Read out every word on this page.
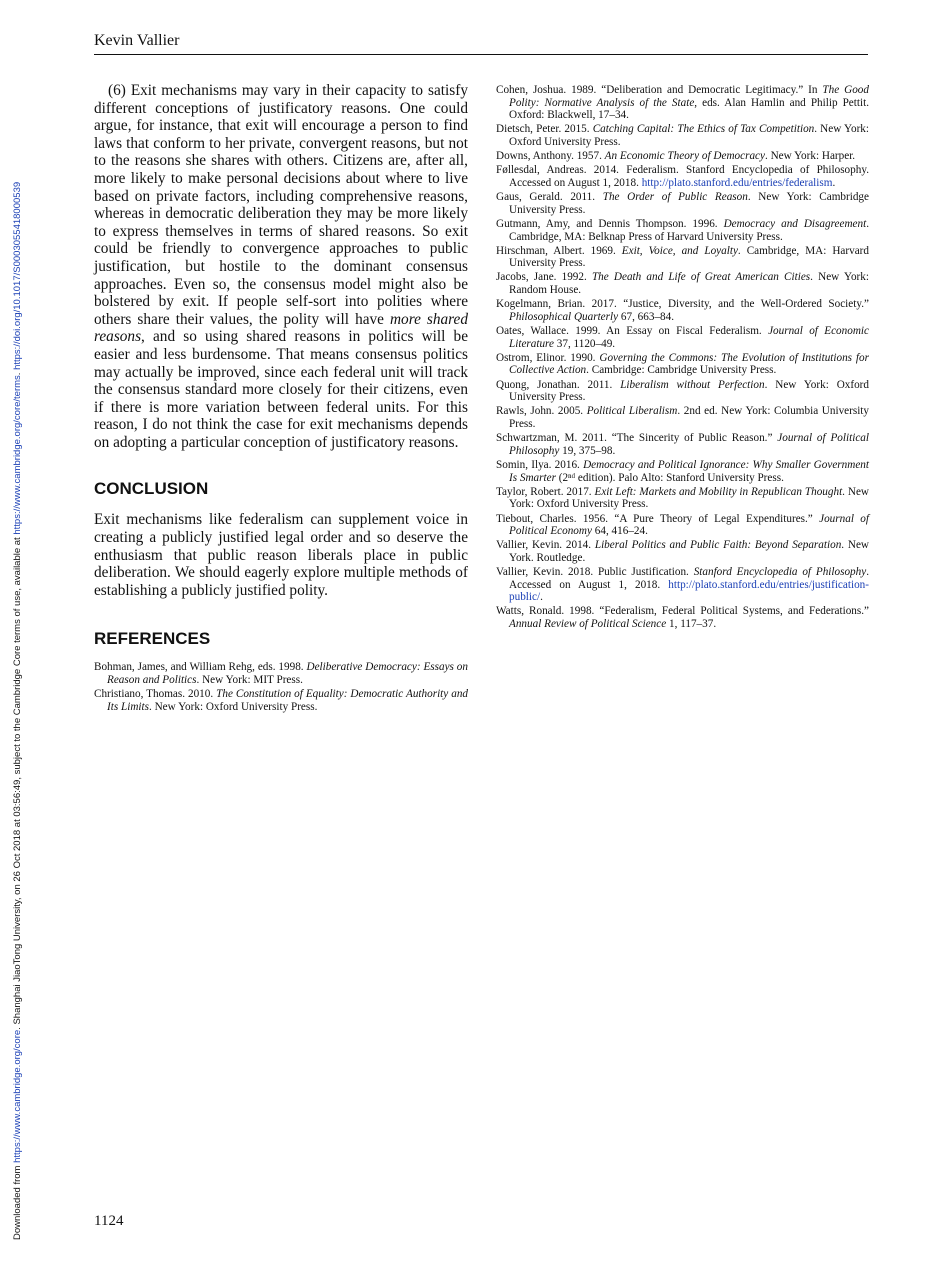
Kevin Vallier
Downloaded from https://www.cambridge.org/core. Shanghai JiaoTong University, on 26 Oct 2018 at 03:56:49, subject to the Cambridge Core terms of use, available at https://www.cambridge.org/core/terms. https://doi.org/10.1017/S0003055418000539

(6) Exit mechanisms may vary in their capacity to satisfy different conceptions of justificatory reasons. One could argue, for instance, that exit will encourage a person to find laws that conform to her private, convergent reasons, but not to the reasons she shares with others. Citizens are, after all, more likely to make personal decisions about where to live based on private factors, including comprehensive reasons, whereas in democratic deliberation they may be more likely to express themselves in terms of shared reasons. So exit could be friendly to convergence approaches to public justification, but hostile to the dominant consensus approaches. Even so, the consensus model might also be bolstered by exit. If people self-sort into polities where others share their values, the polity will have more shared reasons, and so using shared reasons in politics will be easier and less burdensome. That means consensus politics may actually be improved, since each federal unit will track the consensus standard more closely for their citizens, even if there is more variation between federal units. For this reason, I do not think the case for exit mechanisms depends on adopting a particular conception of justificatory reasons.

CONCLUSION

Exit mechanisms like federalism can supplement voice in creating a publicly justified legal order and so deserve the enthusiasm that public reason liberals place in public deliberation. We should eagerly explore multiple methods of establishing a publicly justified polity.

REFERENCES
Bohman, James, and William Rehg, eds. 1998. Deliberative Democracy: Essays on Reason and Politics. New York: MIT Press.
Christiano, Thomas. 2010. The Constitution of Equality: Democratic Authority and Its Limits. New York: Oxford University Press.
Cohen, Joshua. 1989. “Deliberation and Democratic Legitimacy.” In The Good Polity: Normative Analysis of the State, eds. Alan Hamlin and Philip Pettit. Oxford: Blackwell, 17–34.
Dietsch, Peter. 2015. Catching Capital: The Ethics of Tax Competition. New York: Oxford University Press.
Downs, Anthony. 1957. An Economic Theory of Democracy. New York: Harper.
Føllesdal, Andreas. 2014. Federalism. Stanford Encyclopedia of Philosophy. Accessed on August 1, 2018. http://plato.stanford.edu/entries/federalism.
Gaus, Gerald. 2011. The Order of Public Reason. New York: Cambridge University Press.
Gutmann, Amy, and Dennis Thompson. 1996. Democracy and Disagreement. Cambridge, MA: Belknap Press of Harvard University Press.
Hirschman, Albert. 1969. Exit, Voice, and Loyalty. Cambridge, MA: Harvard University Press.
Jacobs, Jane. 1992. The Death and Life of Great American Cities. New York: Random House.
Kogelmann, Brian. 2017. “Justice, Diversity, and the Well-Ordered Society.” Philosophical Quarterly 67, 663–84.
Oates, Wallace. 1999. An Essay on Fiscal Federalism. Journal of Economic Literature 37, 1120–49.
Ostrom, Elinor. 1990. Governing the Commons: The Evolution of Institutions for Collective Action. Cambridge: Cambridge University Press.
Quong, Jonathan. 2011. Liberalism without Perfection. New York: Oxford University Press.
Rawls, John. 2005. Political Liberalism. 2nd ed. New York: Columbia University Press.
Schwartzman, M. 2011. “The Sincerity of Public Reason.” Journal of Political Philosophy 19, 375–98.
Somin, Ilya. 2016. Democracy and Political Ignorance: Why Smaller Government Is Smarter (2ⁿᵈ edition). Palo Alto: Stanford University Press.
Taylor, Robert. 2017. Exit Left: Markets and Mobility in Republican Thought. New York: Oxford University Press.
Tiebout, Charles. 1956. “A Pure Theory of Legal Expenditures.” Journal of Political Economy 64, 416–24.
Vallier, Kevin. 2014. Liberal Politics and Public Faith: Beyond Separation. New York. Routledge.
Vallier, Kevin. 2018. Public Justification. Stanford Encyclopedia of Philosophy. Accessed on August 1, 2018. http://plato.stanford.edu/entries/justification-public/.
Watts, Ronald. 1998. “Federalism, Federal Political Systems, and Federations.” Annual Review of Political Science 1, 117–37.
1124
